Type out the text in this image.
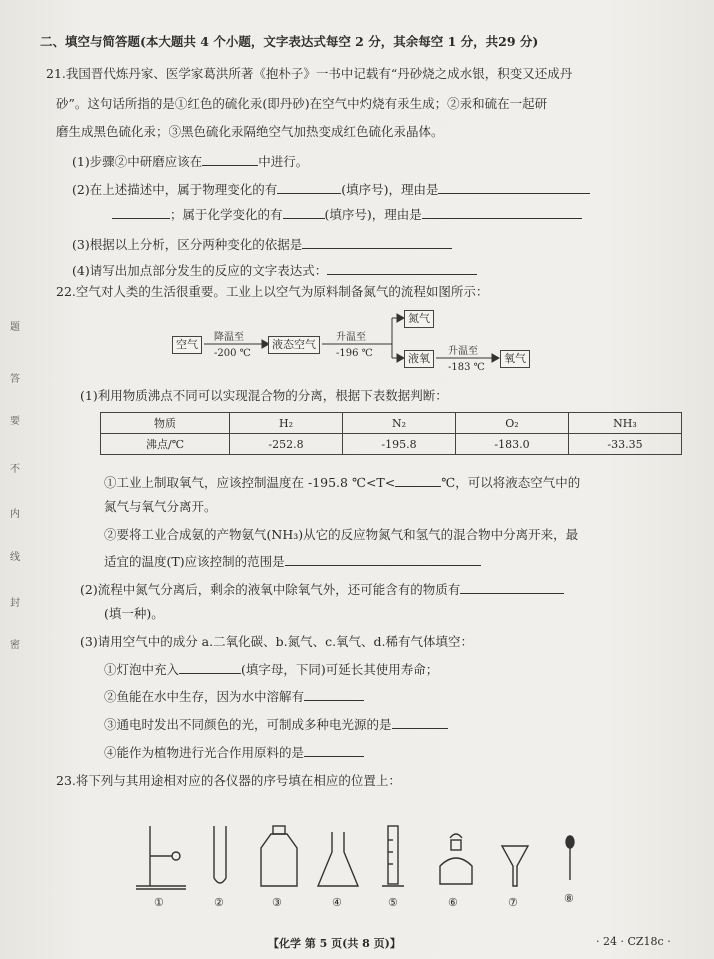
题
答
要
不
内
线
封
密
二、填空与简答题(本大题共 4 个小题，文字表达式每空 2 分，其余每空 1 分，共29 分)
21.我国晋代炼丹家、医学家葛洪所著《抱朴子》一书中记载有“丹砂烧之成水银，积变又还成丹
砂”。这句话所指的是①红色的硫化汞(即丹砂)在空气中灼烧有汞生成；②汞和硫在一起研
磨生成黑色硫化汞；③黑色硫化汞隔绝空气加热变成红色硫化汞晶体。
(1)步骤②中研磨应该在	中进行。
(2)在上述描述中，属于物理变化的有	(填序号)，理由是
；属于化学变化的有	(填序号)，理由是
(3)根据以上分析，区分两种变化的依据是
(4)请写出加点部分发生的反应的文字表达式：
22.空气对人类的生活很重要。工业上以空气为原料制备氮气的流程如图所示：
空气
降温至
-200 ℃
液态空气
升温至
-196 ℃
氮气
液氧
升温至
-183 ℃
氧气
(1)利用物质沸点不同可以实现混合物的分离，根据下表数据判断：
物质	H₂	N₂	O₂	NH₃
沸点/℃	-252.8	-195.8	-183.0	-33.35
①工业上制取氧气，应该控制温度在 -195.8 ℃<T<	℃，可以将液态空气中的
氮气与氧气分离开。
②要将工业合成氨的产物氨气(NH₃)从它的反应物氮气和氢气的混合物中分离开来，最
适宜的温度(T)应该控制的范围是
(2)流程中氮气分离后，剩余的液氧中除氧气外，还可能含有的物质有
(填一种)。
(3)请用空气中的成分 a.二氧化碳、b.氮气、c.氧气、d.稀有气体填空：
①灯泡中充入	(填字母，下同)可延长其使用寿命；
②鱼能在水中生存，因为水中溶解有
③通电时发出不同颜色的光，可制成多种电光源的是
④能作为植物进行光合作用原料的是
23.将下列与其用途相对应的各仪器的序号填在相应的位置上：
①	②	③	④	⑤	⑥	⑦	⑧
【化学 第 5 页(共 8 页)】	· 24 · CZ18c ·
